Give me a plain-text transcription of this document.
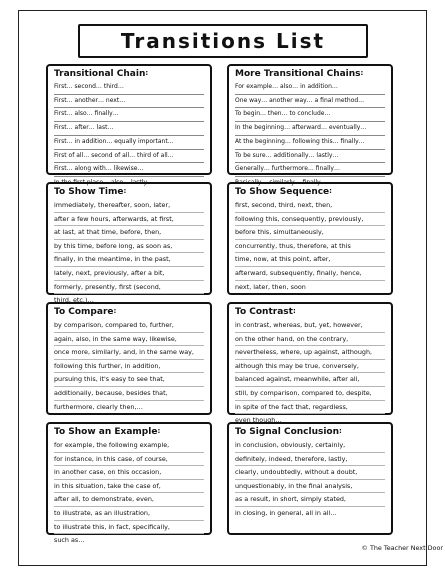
Transitions List
Transitional Chain:
First… second… third…
First… another… next…
First… also… finally…
First… after… last…
First… in addition… equally important…
First of all… second of all… third of all…
First… along with… likewise…
In the first place… also… lastly…
More Transitional Chains:
For example… also… in addition…
One way… another way… a final method…
To begin… then… to conclude…
In the beginning… afterward… eventually…
At the beginning… following this… finally…
To be sure… additionally… lastly…
Generally… furthermore… finally…
Basically… similarly… finally…
To Show Time:
immediately, thereafter, soon, later,
after a few hours, afterwards, at first,
at last, at that time, before, then,
by this time, before long, as soon as,
finally, in the meantime, in the past,
lately, next, previously, after a bit,
formerly, presently, first (second,
third, etc.)…
To Show Sequence:
first, second, third, next, then,
following this, consequently, previously,
before this, simultaneously,
concurrently, thus, therefore, at this
time, now, at this point, after,
afterward, subsequently, finally, hence,
next, later, then, soon
To Compare:
by comparison, compared to, further,
again, also, in the same way, likewise,
once more, similarly, and, in the same way,
following this further, in addition,
pursuing this, it's easy to see that,
additionally, because, besides that,
furthermore, clearly then,…
To Contrast:
in contrast, whereas, but, yet, however,
on the other hand, on the contrary,
nevertheless, where, up against, although,
although this may be true, conversely,
balanced against, meanwhile, after all,
still, by comparison, compared to, despite,
in spite of the fact that, regardless,
even though…
To Show an Example:
for example, the following example,
for instance, in this case, of course,
in another case, on this occasion,
in this situation, take the case of,
after all, to demonstrate, even,
to illustrate, as an illustration,
to illustrate this, in fact, specifically,
such as…
To Signal Conclusion:
in conclusion, obviously, certainly,
definitely, indeed, therefore, lastly,
clearly, undoubtedly, without a doubt,
unquestionably, in the final analysis,
as a result, in short, simply stated,
in closing, in general, all in all…
© The Teacher Next Door
